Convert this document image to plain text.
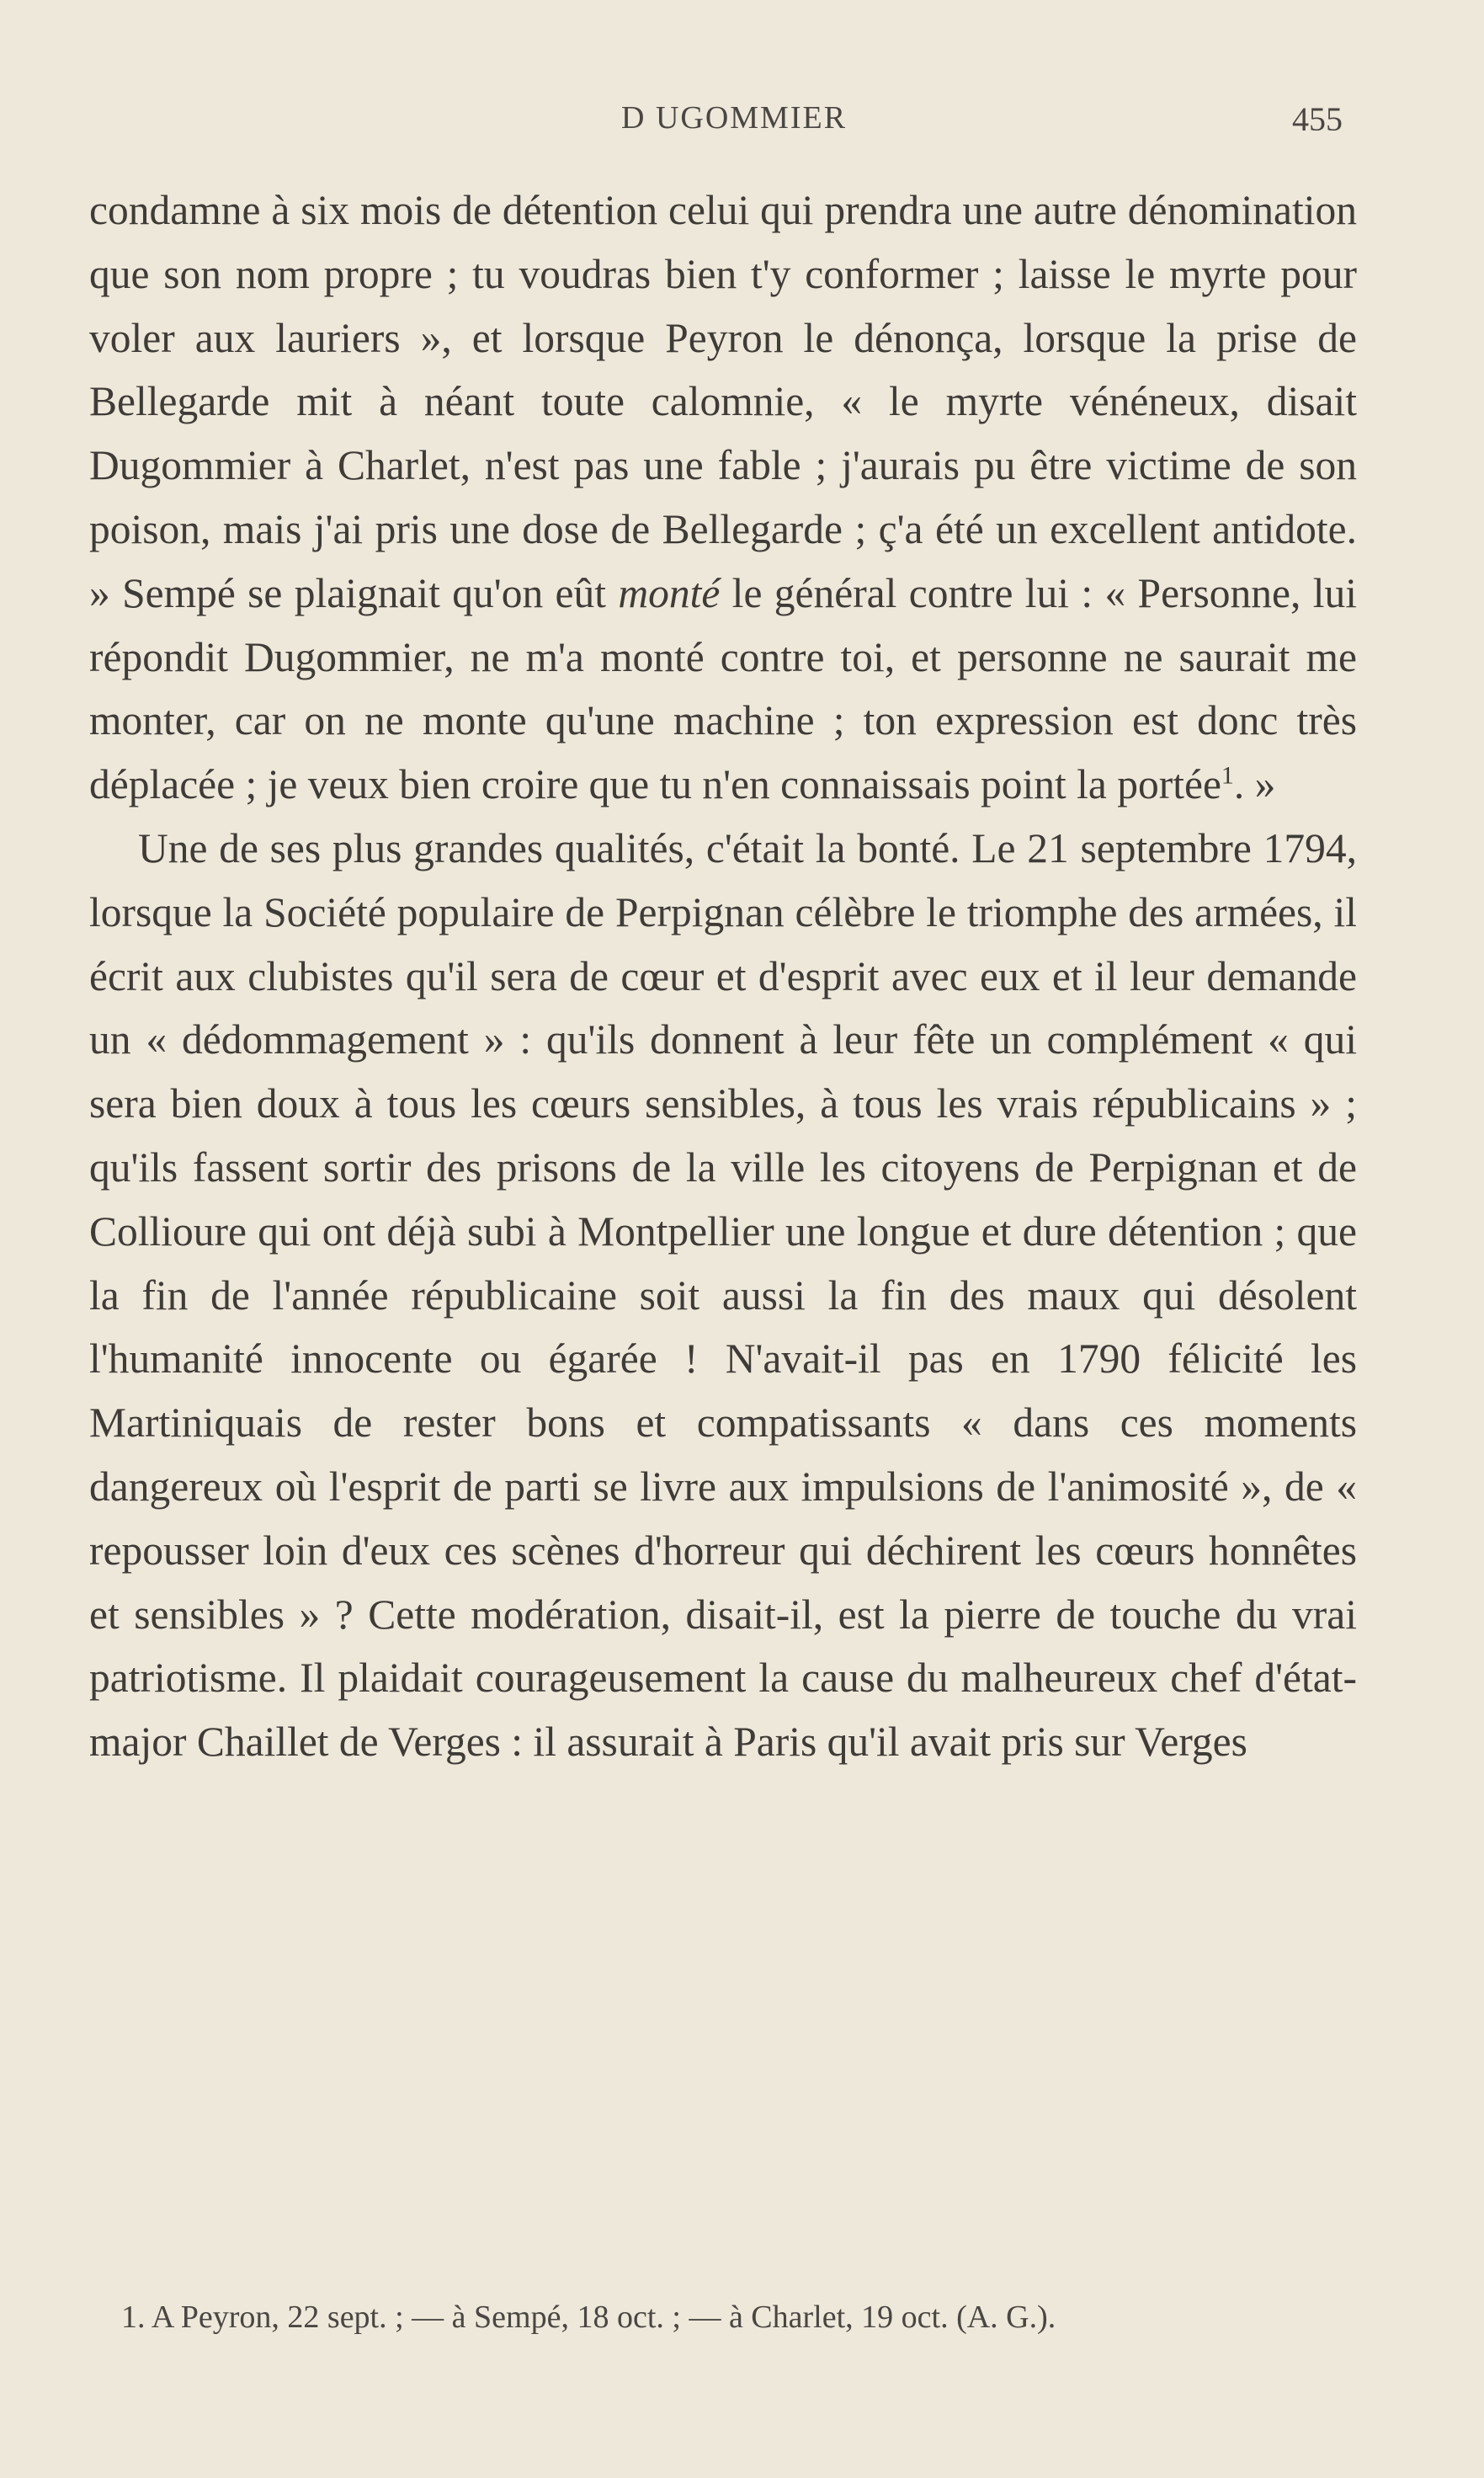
D UGOMMIER	455

condamne à six mois de détention celui qui prendra une autre dénomination que son nom propre ; tu voudras bien t'y conformer ; laisse le myrte pour voler aux lauriers », et lorsque Peyron le dénonça, lorsque la prise de Bellegarde mit à néant toute calomnie, « le myrte vénéneux, disait Dugommier à Charlet, n'est pas une fable ; j'aurais pu être victime de son poison, mais j'ai pris une dose de Bellegarde ; ç'a été un excellent antidote. » Sempé se plaignait qu'on eût monté le général contre lui : « Personne, lui répondit Dugommier, ne m'a monté contre toi, et personne ne saurait me monter, car on ne monte qu'une machine ; ton expression est donc très déplacée ; je veux bien croire que tu n'en connaissais point la portée$^1$. »

Une de ses plus grandes qualités, c'était la bonté. Le 21 septembre 1794, lorsque la Société populaire de Perpignan célèbre le triomphe des armées, il écrit aux clubistes qu'il sera de cœur et d'esprit avec eux et il leur demande un « dédommagement » : qu'ils donnent à leur fête un complément « qui sera bien doux à tous les cœurs sensibles, à tous les vrais républicains » ; qu'ils fassent sortir des prisons de la ville les citoyens de Perpignan et de Collioure qui ont déjà subi à Montpellier une longue et dure détention ; que la fin de l'année républicaine soit aussi la fin des maux qui désolent l'humanité innocente ou égarée ! N'avait-il pas en 1790 félicité les Martiniquais de rester bons et compatissants « dans ces moments dangereux où l'esprit de parti se livre aux impulsions de l'animosité », de « repousser loin d'eux ces scènes d'horreur qui déchirent les cœurs honnêtes et sensibles » ? Cette modération, disait-il, est la pierre de touche du vrai patriotisme. Il plaidait courageusement la cause du malheureux chef d'état-major Chaillet de Verges : il assurait à Paris qu'il avait pris sur Verges

1. A Peyron, 22 sept. ; — à Sempé, 18 oct. ; — à Charlet, 19 oct. (A. G.).
